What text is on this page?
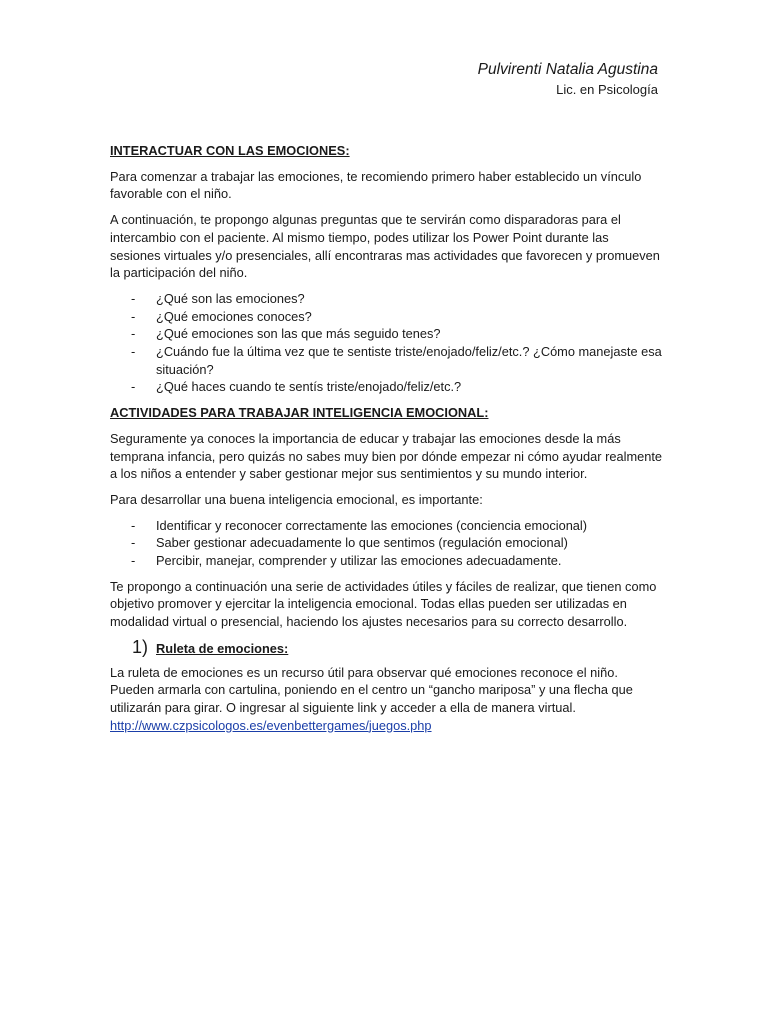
Pulvirenti Natalia Agustina
Lic. en Psicología
INTERACTUAR CON LAS EMOCIONES:

Para comenzar a trabajar las emociones, te recomiendo primero haber establecido un vínculo favorable con el niño.

A continuación, te propongo algunas preguntas que te servirán como disparadoras para el intercambio con el paciente. Al mismo tiempo, podes utilizar los Power Point durante las sesiones virtuales y/o presenciales, allí encontraras mas actividades que favorecen y promueven la participación del niño.

- ¿Qué son las emociones?
- ¿Qué emociones conoces?
- ¿Qué emociones son las que más seguido tenes?
- ¿Cuándo fue la última vez que te sentiste triste/enojado/feliz/etc.? ¿Cómo manejaste esa situación?
- ¿Qué haces cuando te sentís triste/enojado/feliz/etc.?
ACTIVIDADES PARA TRABAJAR INTELIGENCIA EMOCIONAL:

Seguramente ya conoces la importancia de educar y trabajar las emociones desde la más temprana infancia, pero quizás no sabes muy bien por dónde empezar ni cómo ayudar realmente a los niños a entender y saber gestionar mejor sus sentimientos y su mundo interior.

Para desarrollar una buena inteligencia emocional, es importante:

- Identificar y reconocer correctamente las emociones (conciencia emocional)
- Saber gestionar adecuadamente lo que sentimos (regulación emocional)
- Percibir, manejar, comprender y utilizar las emociones adecuadamente.

Te propongo a continuación una serie de actividades útiles y fáciles de realizar, que tienen como objetivo promover y ejercitar la inteligencia emocional. Todas ellas pueden ser utilizadas en modalidad virtual o presencial, haciendo los ajustes necesarios para su correcto desarrollo.

1) Ruleta de emociones:

La ruleta de emociones es un recurso útil para observar qué emociones reconoce el niño. Pueden armarla con cartulina, poniendo en el centro un “gancho mariposa” y una flecha que utilizarán para girar. O ingresar al siguiente link y acceder a ella de manera virtual.
http://www.czpsicologos.es/evenbettergames/juegos.php
